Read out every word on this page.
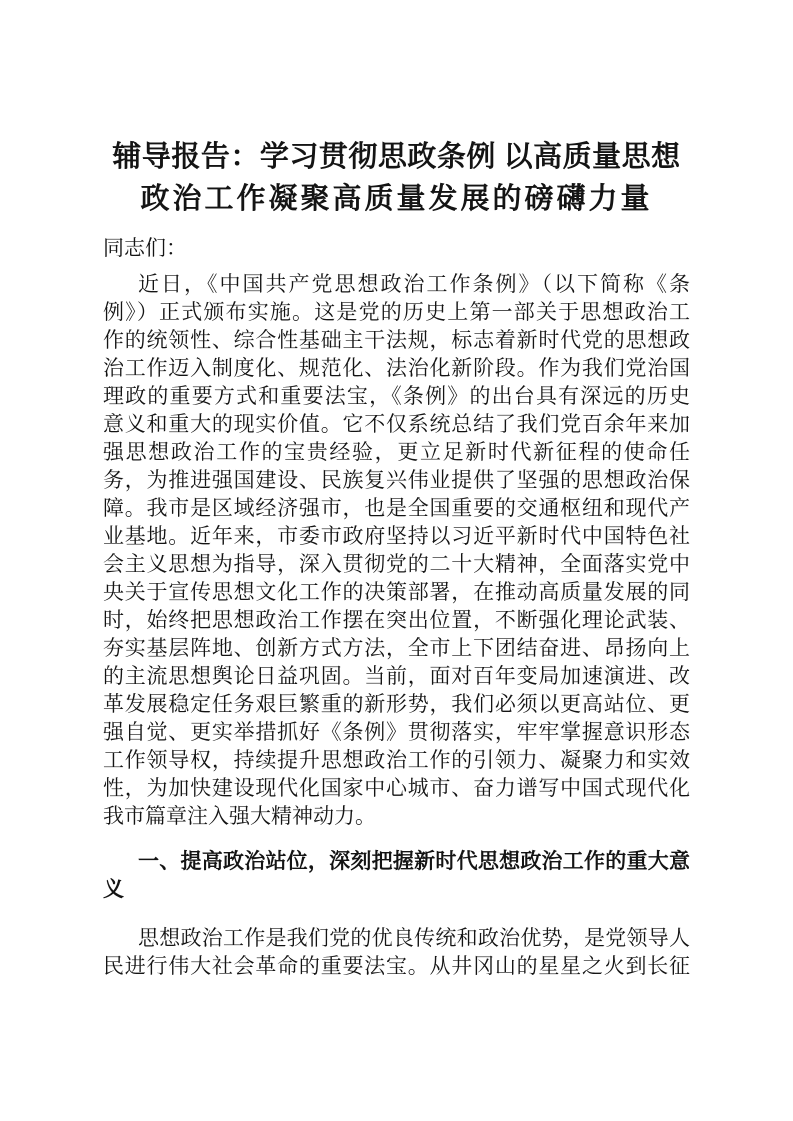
辅导报告：学习贯彻思政条例 以高质量思想
政治工作凝聚高质量发展的磅礴力量
同志们：
近日，《中国共产党思想政治工作条例》（以下简称《条
例》）正式颁布实施。这是党的历史上第一部关于思想政治工
作的统领性、综合性基础主干法规，标志着新时代党的思想政
治工作迈入制度化、规范化、法治化新阶段。作为我们党治国
理政的重要方式和重要法宝，《条例》的出台具有深远的历史
意义和重大的现实价值。它不仅系统总结了我们党百余年来加
强思想政治工作的宝贵经验，更立足新时代新征程的使命任
务，为推进强国建设、民族复兴伟业提供了坚强的思想政治保
障。我市是区域经济强市，也是全国重要的交通枢纽和现代产
业基地。近年来，市委市政府坚持以习近平新时代中国特色社
会主义思想为指导，深入贯彻党的二十大精神，全面落实党中
央关于宣传思想文化工作的决策部署，在推动高质量发展的同
时，始终把思想政治工作摆在突出位置，不断强化理论武装、
夯实基层阵地、创新方式方法，全市上下团结奋进、昂扬向上
的主流思想舆论日益巩固。当前，面对百年变局加速演进、改
革发展稳定任务艰巨繁重的新形势，我们必须以更高站位、更
强自觉、更实举措抓好《条例》贯彻落实，牢牢掌握意识形态
工作领导权，持续提升思想政治工作的引领力、凝聚力和实效
性，为加快建设现代化国家中心城市、奋力谱写中国式现代化
我市篇章注入强大精神动力。
一、提高政治站位，深刻把握新时代思想政治工作的重大意
义
思想政治工作是我们党的优良传统和政治优势，是党领导人
民进行伟大社会革命的重要法宝。从井冈山的星星之火到长征
